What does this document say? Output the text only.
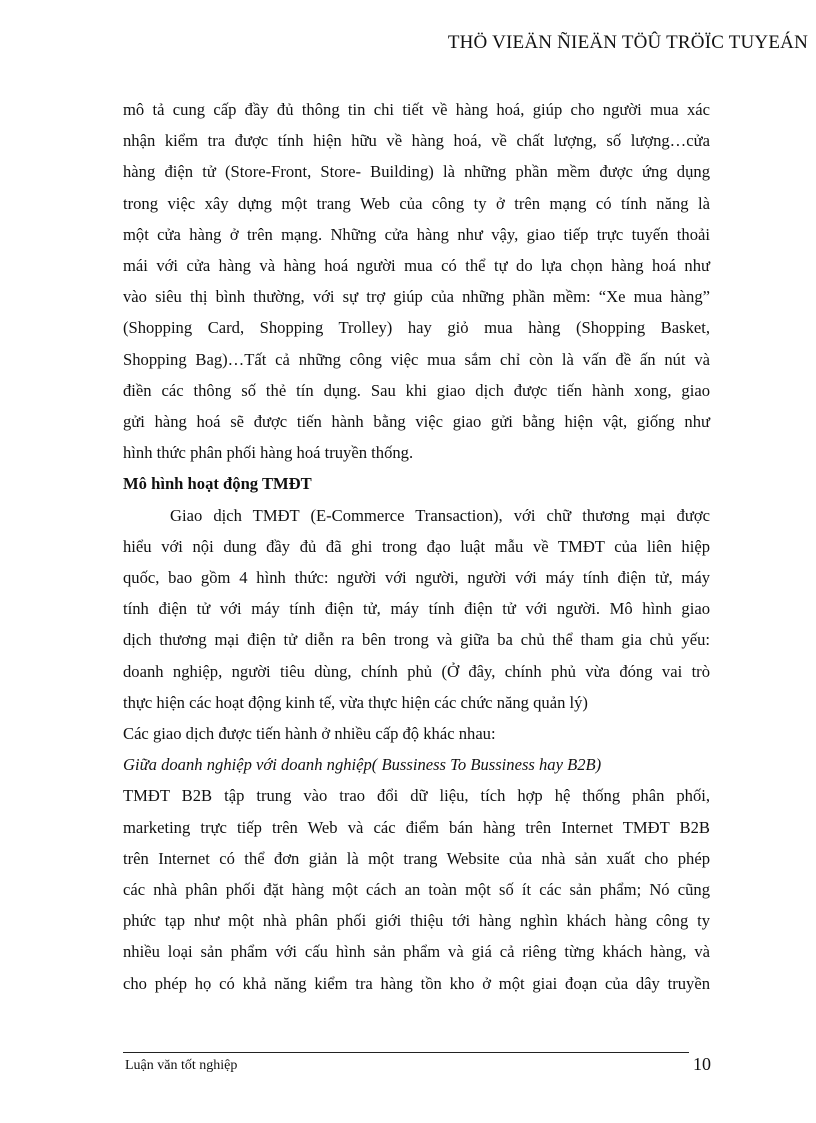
THÖ VIEÄN ÑIEÄN TÖÛ TRÖÏC TUYEÁN
mô tả cung cấp đầy đủ thông tin chi tiết về hàng hoá, giúp cho người mua xác
nhận kiểm tra được tính hiện hữu về hàng hoá, về chất lượng, số lượng…cửa
hàng điện tử (Store-Front, Store- Building) là những phần mềm được ứng dụng
trong việc xây dựng một trang Web của công ty ở trên mạng có tính năng là
một cửa hàng ở trên mạng. Những cửa hàng như vậy, giao tiếp trực tuyến thoải
mái với cửa hàng và hàng hoá người mua có thể tự do lựa chọn hàng hoá như
vào siêu thị bình thường, với sự trợ giúp của những phần mềm: “Xe mua hàng”
(Shopping Card, Shopping Trolley) hay giỏ mua hàng (Shopping Basket,
Shopping Bag)…Tất cả những công việc mua sắm chỉ còn là vấn đề ấn nút và
điền các thông số thẻ tín dụng. Sau khi giao dịch được tiến hành xong, giao
gửi hàng hoá sẽ được tiến hành bằng việc giao gửi bằng hiện vật, giống như
hình thức phân phối hàng hoá truyền thống.
Mô hình hoạt động TMĐT
Giao dịch TMĐT (E-Commerce Transaction), với chữ thương mại được
hiểu với nội dung đầy đủ đã ghi trong đạo luật mẫu về TMĐT của liên hiệp
quốc, bao gồm 4 hình thức: người với người, người với máy tính điện tử, máy
tính điện tử với máy tính điện tử, máy tính điện tử với người. Mô hình giao
dịch thương mại điện tử diễn ra bên trong và giữa ba chủ thể tham gia chủ yếu:
doanh nghiệp, người tiêu dùng, chính phủ (Ở đây, chính phủ vừa đóng vai trò
thực hiện các hoạt động kinh tế, vừa thực hiện các chức năng quản lý)
Các giao dịch được tiến hành ở nhiều cấp độ khác nhau:
Giữa doanh nghiệp với doanh nghiệp( Bussiness To Bussiness hay B2B)
TMĐT B2B tập trung vào trao đổi dữ liệu, tích hợp hệ thống phân phối,
marketing trực tiếp trên Web và các điểm bán hàng trên Internet TMĐT B2B
trên Internet có thể đơn giản là một trang Website của nhà sản xuất cho phép
các nhà phân phối đặt hàng một cách an toàn một số ít các sản phẩm; Nó cũng
phức tạp như một nhà phân phối giới thiệu tới hàng nghìn khách hàng công ty
nhiều loại sản phẩm với cấu hình sản phẩm và giá cả riêng từng khách hàng, và
cho phép họ có khả năng kiểm tra hàng tồn kho ở một giai đoạn của dây truyền
Luận văn tốt nghiệp	10
